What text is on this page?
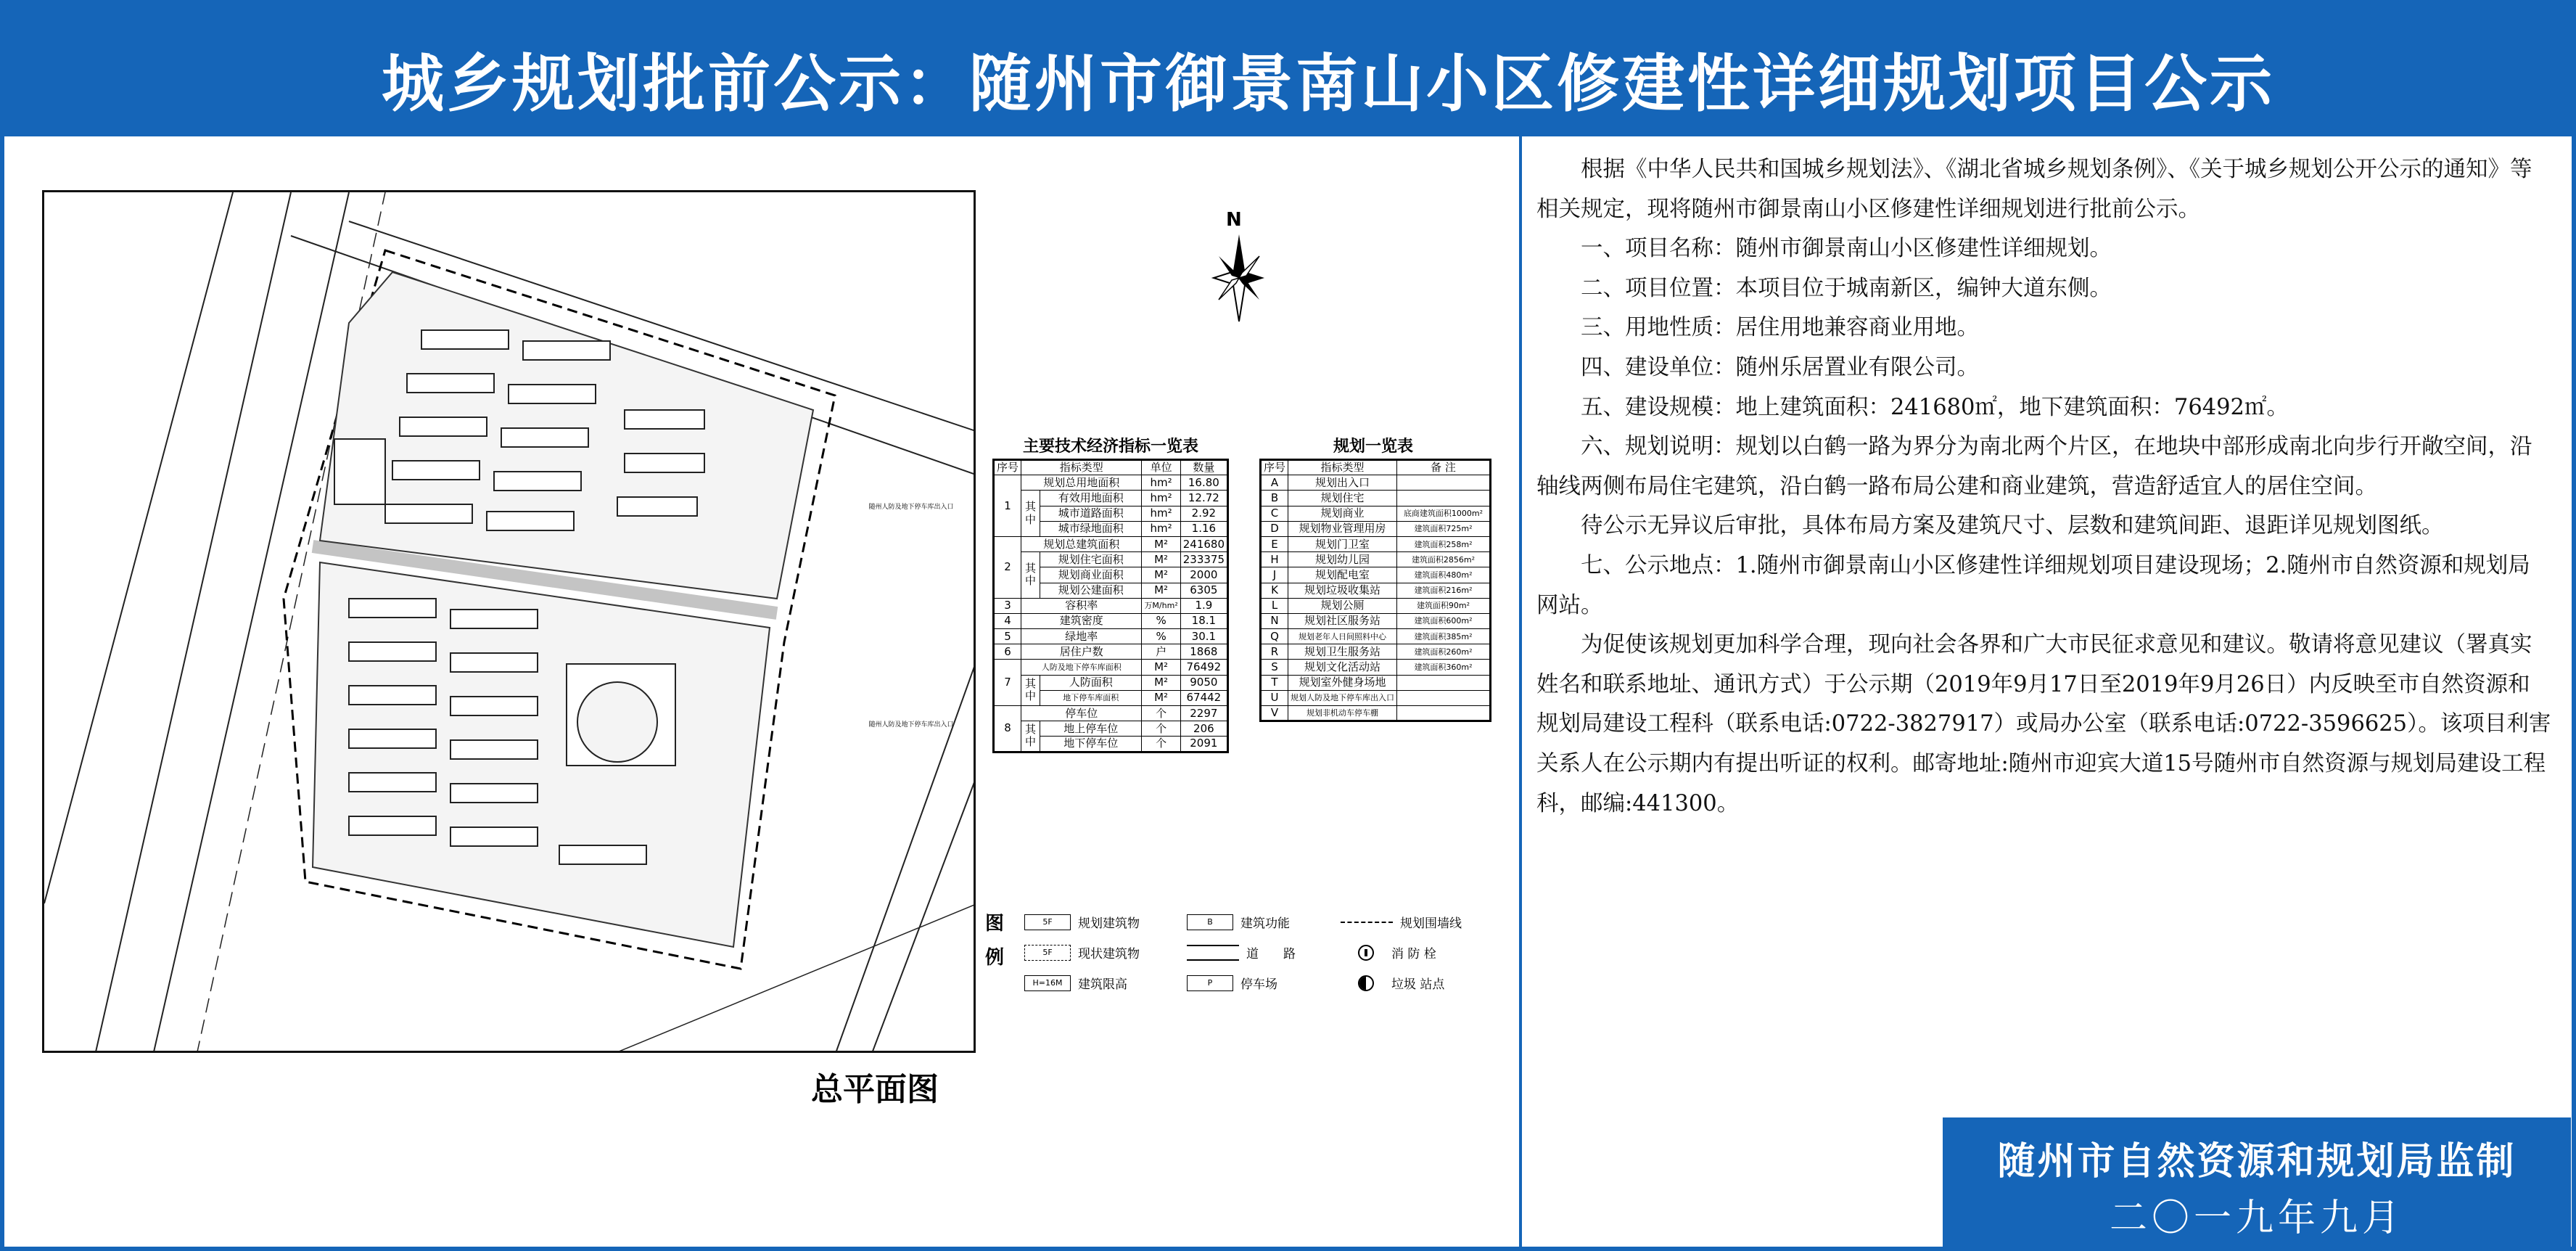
城乡规划批前公示：随州市御景南山小区修建性详细规划项目公示
随州人防及地下停车库出入口
随州人防及地下停车库出入口
总平面图
N
主要技术经济指标一览表
序号	指标类型		单位	数量
1	规划总用地面积		hm²	16.80
	其中	有效用地面积	hm²	12.72
		城市道路面积	hm²	2.92
		城市绿地面积	hm²	1.16
2	规划总建筑面积		M²	241680
	其中	规划住宅面积	M²	233375
		规划商业面积	M²	2000
		规划公建面积	M²	6305
3	容积率		万M/hm²	1.9
4	建筑密度		%	18.1
5	绿地率		%	30.1
6	居住户数		户	1868
7	人防及地下停车库面积		M²	76492
	其中	人防面积	M²	9050
		地下停车库面积	M²	67442
8	停车位		个	2297
	其中	地上停车位	个	206
		地下停车位	个	2091
规划一览表
序号	指标类型	备 注
A	规划出入口	
B	规划住宅	
C	规划商业	底商建筑面积1000m²
D	规划物业管理用房	建筑面积725m²
E	规划门卫室	建筑面积258m²
H	规划幼儿园	建筑面积2856m²
J	规划配电室	建筑面积480m²
K	规划垃圾收集站	建筑面积216m²
L	规划公厕	建筑面积90m²
N	规划社区服务站	建筑面积600m²
Q	规划老年人日间照料中心	建筑面积385m²
R	规划卫生服务站	建筑面积260m²
S	规划文化活动站	建筑面积360m²
T	规划室外健身场地	
U	规划人防及地下停车库出入口	
V	规划非机动车停车棚	
图
例
5F	规划建筑物
5F	现状建筑物
H=16M	建筑限高
B	建筑功能
道　　路
P	停车场
规划围墙线
消 防 栓
垃圾 站点

根据《中华人民共和国城乡规划法》、《湖北省城乡规划条例》、《关于城乡规划公开公示的通知》等相关规定，现将随州市御景南山小区修建性详细规划进行批前公示。

一、项目名称：随州市御景南山小区修建性详细规划。

二、项目位置：本项目位于城南新区，编钟大道东侧。

三、用地性质：居住用地兼容商业用地。

四、建设单位：随州乐居置业有限公司。

五、建设规模：地上建筑面积：241680㎡，地下建筑面积：76492㎡。

六、规划说明：规划以白鹤一路为界分为南北两个片区，在地块中部形成南北向步行开敞空间，沿轴线两侧布局住宅建筑，沿白鹤一路布局公建和商业建筑，营造舒适宜人的居住空间。

待公示无异议后审批，具体布局方案及建筑尺寸、层数和建筑间距、退距详见规划图纸。

七、公示地点：1.随州市御景南山小区修建性详细规划项目建设现场；2.随州市自然资源和规划局网站。

为促使该规划更加科学合理，现向社会各界和广大市民征求意见和建议。敬请将意见建议（署真实姓名和联系地址、通讯方式）于公示期（2019年9月17日至2019年9月26日）内反映至市自然资源和规划局建设工程科（联系电话:0722-3827917）或局办公室（联系电话:0722-3596625）。该项目利害关系人在公示期内有提出听证的权利。邮寄地址:随州市迎宾大道15号随州市自然资源与规划局建设工程科，邮编:441300。

随州市自然资源和规划局监制
二〇一九年九月
